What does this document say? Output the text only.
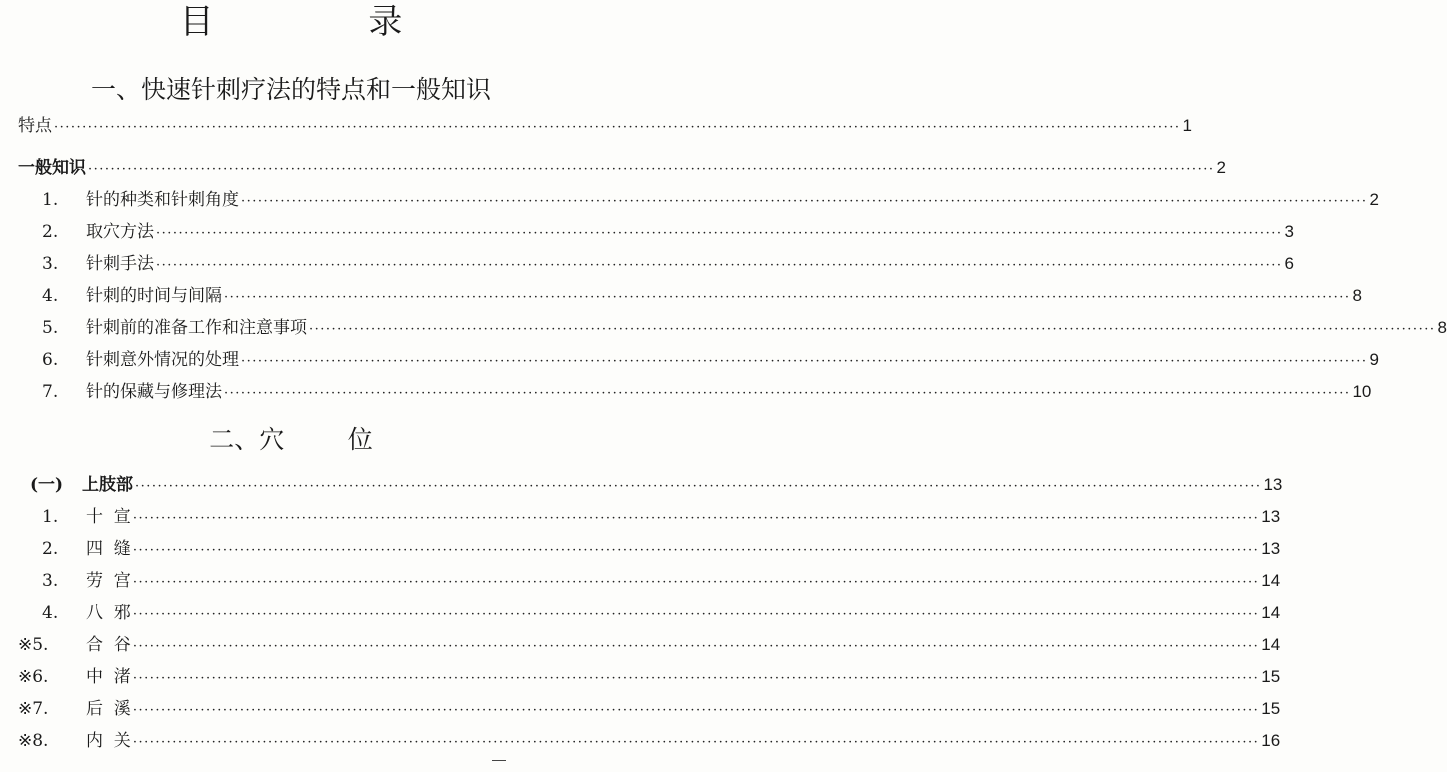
目 录
一、快速针刺疗法的特点和一般知识
特点 ········································································································································································································ 1
一般知识 ········································································································································································································ 2
1.	针的种类和针刺角度 ········································································································································································································ 2
2.	取穴方法 ········································································································································································································ 3
3.	针刺手法 ········································································································································································································ 6
4.	针刺的时间与间隔 ········································································································································································································ 8
5.	针刺前的准备工作和注意事项 ········································································································································································································ 8
6.	针刺意外情况的处理 ········································································································································································································ 9
7.	针的保藏与修理法 ········································································································································································································ 10
二、穴        位
(一)	上肢部 ········································································································································································································ 13
1.	十  宣 ········································································································································································································ 13
2.	四  缝 ········································································································································································································ 13
3.	劳  宫 ········································································································································································································ 14
4.	八  邪 ········································································································································································································ 14
※5.	合  谷 ········································································································································································································ 14
※6.	中  渚 ········································································································································································································ 15
※7.	后  溪 ········································································································································································································ 15
※8.	内  关 ········································································································································································································ 16
